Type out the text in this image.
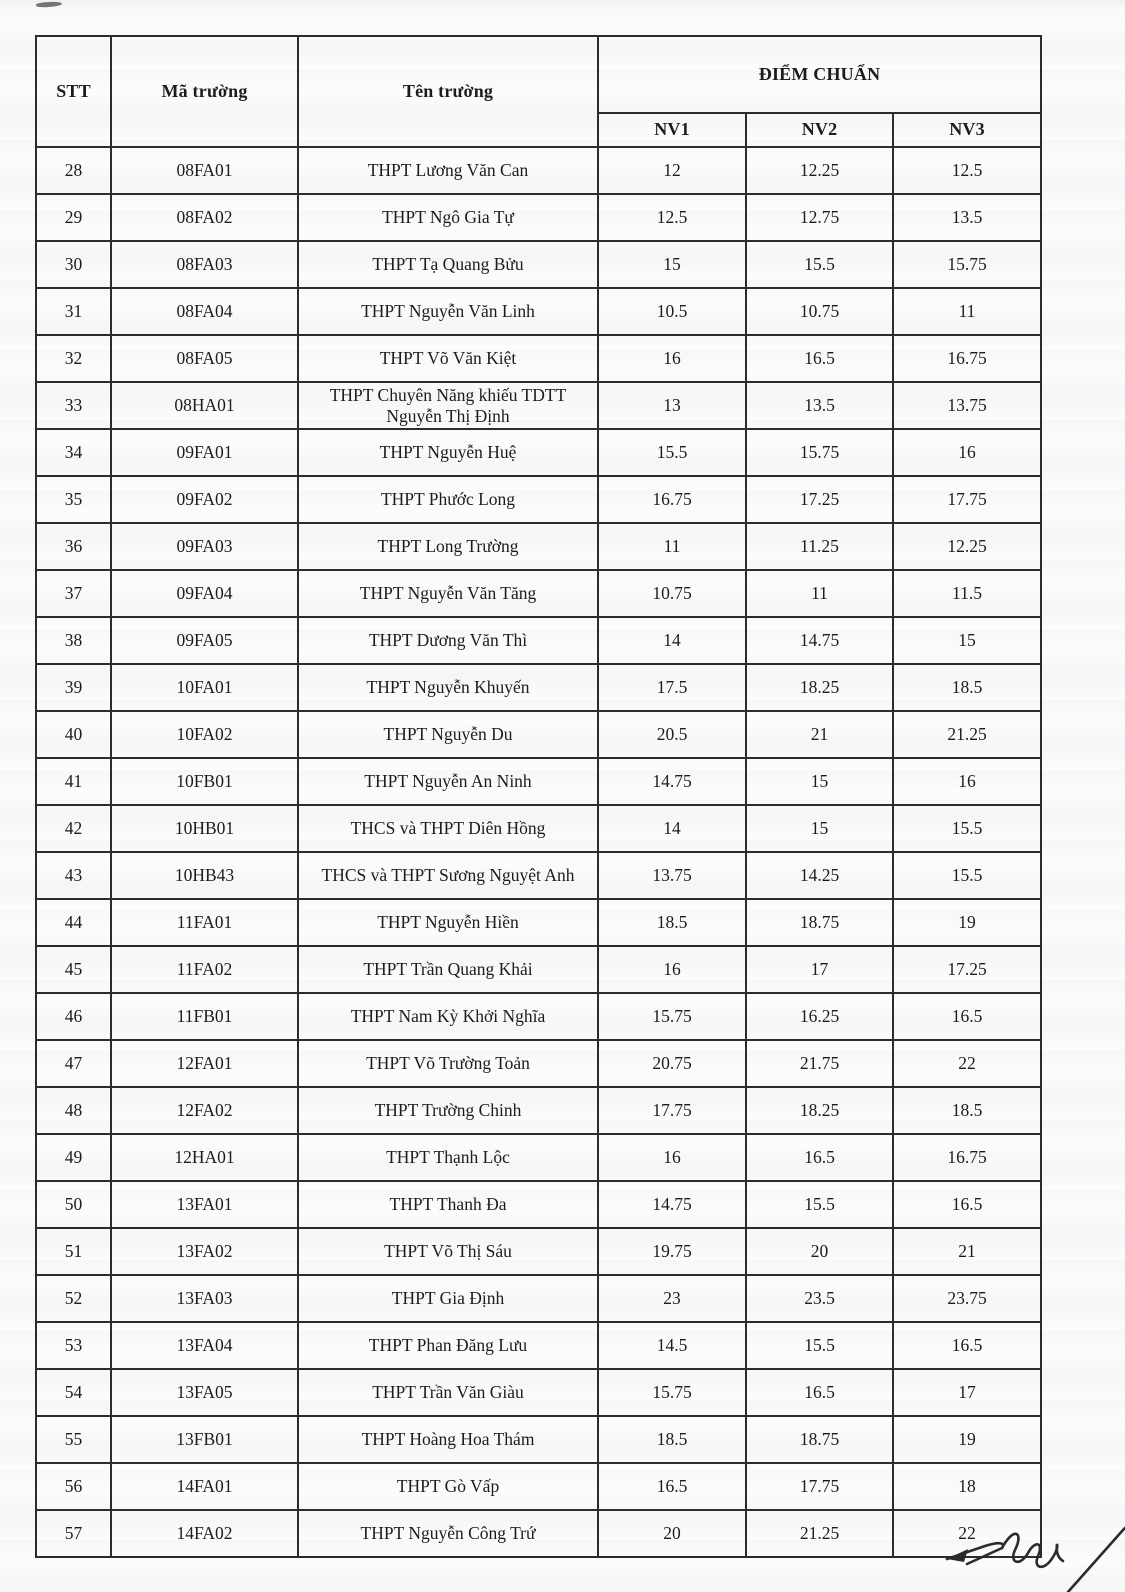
STT	Mã trường	Tên trường	ĐIỂM CHUẨN		
			NV1	NV2	NV3
28	08FA01	THPT Lương Văn Can	12	12.25	12.5
29	08FA02	THPT Ngô Gia Tự	12.5	12.75	13.5
30	08FA03	THPT Tạ Quang Bửu	15	15.5	15.75
31	08FA04	THPT Nguyễn Văn Linh	10.5	10.75	11
32	08FA05	THPT Võ Văn Kiệt	16	16.5	16.75
33	08HA01	THPT Chuyên Năng khiếu TDTT Nguyễn Thị Định	13	13.5	13.75
34	09FA01	THPT Nguyễn Huệ	15.5	15.75	16
35	09FA02	THPT Phước Long	16.75	17.25	17.75
36	09FA03	THPT Long Trường	11	11.25	12.25
37	09FA04	THPT Nguyễn Văn Tăng	10.75	11	11.5
38	09FA05	THPT Dương Văn Thì	14	14.75	15
39	10FA01	THPT Nguyễn Khuyến	17.5	18.25	18.5
40	10FA02	THPT Nguyễn Du	20.5	21	21.25
41	10FB01	THPT Nguyễn An Ninh	14.75	15	16
42	10HB01	THCS và THPT Diên Hồng	14	15	15.5
43	10HB43	THCS và THPT Sương Nguyệt Anh	13.75	14.25	15.5
44	11FA01	THPT Nguyễn Hiền	18.5	18.75	19
45	11FA02	THPT Trần Quang Khải	16	17	17.25
46	11FB01	THPT Nam Kỳ Khởi Nghĩa	15.75	16.25	16.5
47	12FA01	THPT Võ Trường Toản	20.75	21.75	22
48	12FA02	THPT Trường Chinh	17.75	18.25	18.5
49	12HA01	THPT Thạnh Lộc	16	16.5	16.75
50	13FA01	THPT Thanh Đa	14.75	15.5	16.5
51	13FA02	THPT Võ Thị Sáu	19.75	20	21
52	13FA03	THPT Gia Định	23	23.5	23.75
53	13FA04	THPT Phan Đăng Lưu	14.5	15.5	16.5
54	13FA05	THPT Trần Văn Giàu	15.75	16.5	17
55	13FB01	THPT Hoàng Hoa Thám	18.5	18.75	19
56	14FA01	THPT Gò Vấp	16.5	17.75	18
57	14FA02	THPT Nguyễn Công Trứ	20	21.25	22
